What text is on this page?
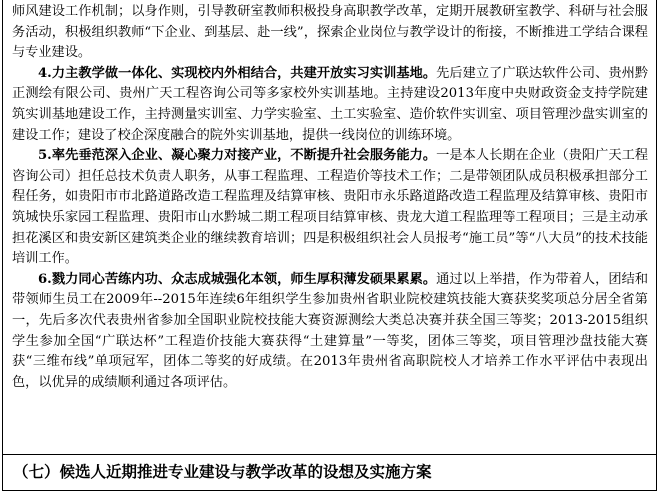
师风建设工作机制；以身作则，引导教研室教师积极投身高职教学改革，定期开展教研室教学、科研与社会服务活动，积极组织教师“下企业、到基层、赴一线”，探索企业岗位与教学设计的衔接，不断推进工学结合课程与专业建设。

4.力主教学做一体化、实现校内外相结合，共建开放实习实训基地。先后建立了广联达软件公司、贵州黔正测绘有限公司、贵州广天工程咨询公司等多家校外实训基地。主持建设2013年度中央财政资金支持学院建筑实训基地建设工作，主持测量实训室、力学实验室、土工实验室、造价软件实训室、项目管理沙盘实训室的建设工作；建设了校企深度融合的院外实训基地，提供一线岗位的训练环境。

5.率先垂范深入企业、凝心聚力对接产业，不断提升社会服务能力。一是本人长期在企业（贵阳广天工程咨询公司）担任总技术负责人职务，从事工程监理、工程造价等技术工作；二是带领团队成员积极承担部分工程任务，如贵阳市市北路道路改造工程监理及结算审核、贵阳市永乐路道路改造工程监理及结算审核、贵阳市筑城快乐家园工程监理、贵阳市山水黔城二期工程项目结算审核、贵龙大道工程监理等工程项目；三是主动承担花溪区和贵安新区建筑类企业的继续教育培训；四是积极组织社会人员报考“施工员”等“八大员”的技术技能培训工作。

6.戮力同心苦练内功、众志成城强化本领，师生厚积薄发硕果累累。通过以上举措，作为带着人，团结和带领师生员工在2009年--2015年连续6年组织学生参加贵州省职业院校建筑技能大赛获奖奖项总分居全省第一，先后多次代表贵州省参加全国职业院校技能大赛资源测绘大类总决赛并获全国三等奖；2013-2015组织学生参加全国“广联达杯”工程造价技能大赛获得“土建算量”一等奖，团体三等奖，项目管理沙盘技能大赛获“三维布线”单项冠军，团体二等奖的好成绩。在2013年贵州省高职院校人才培养工作水平评估中表现出色，以优异的成绩顺利通过各项评估。

（七）候选人近期推进专业建设与教学改革的设想及实施方案
